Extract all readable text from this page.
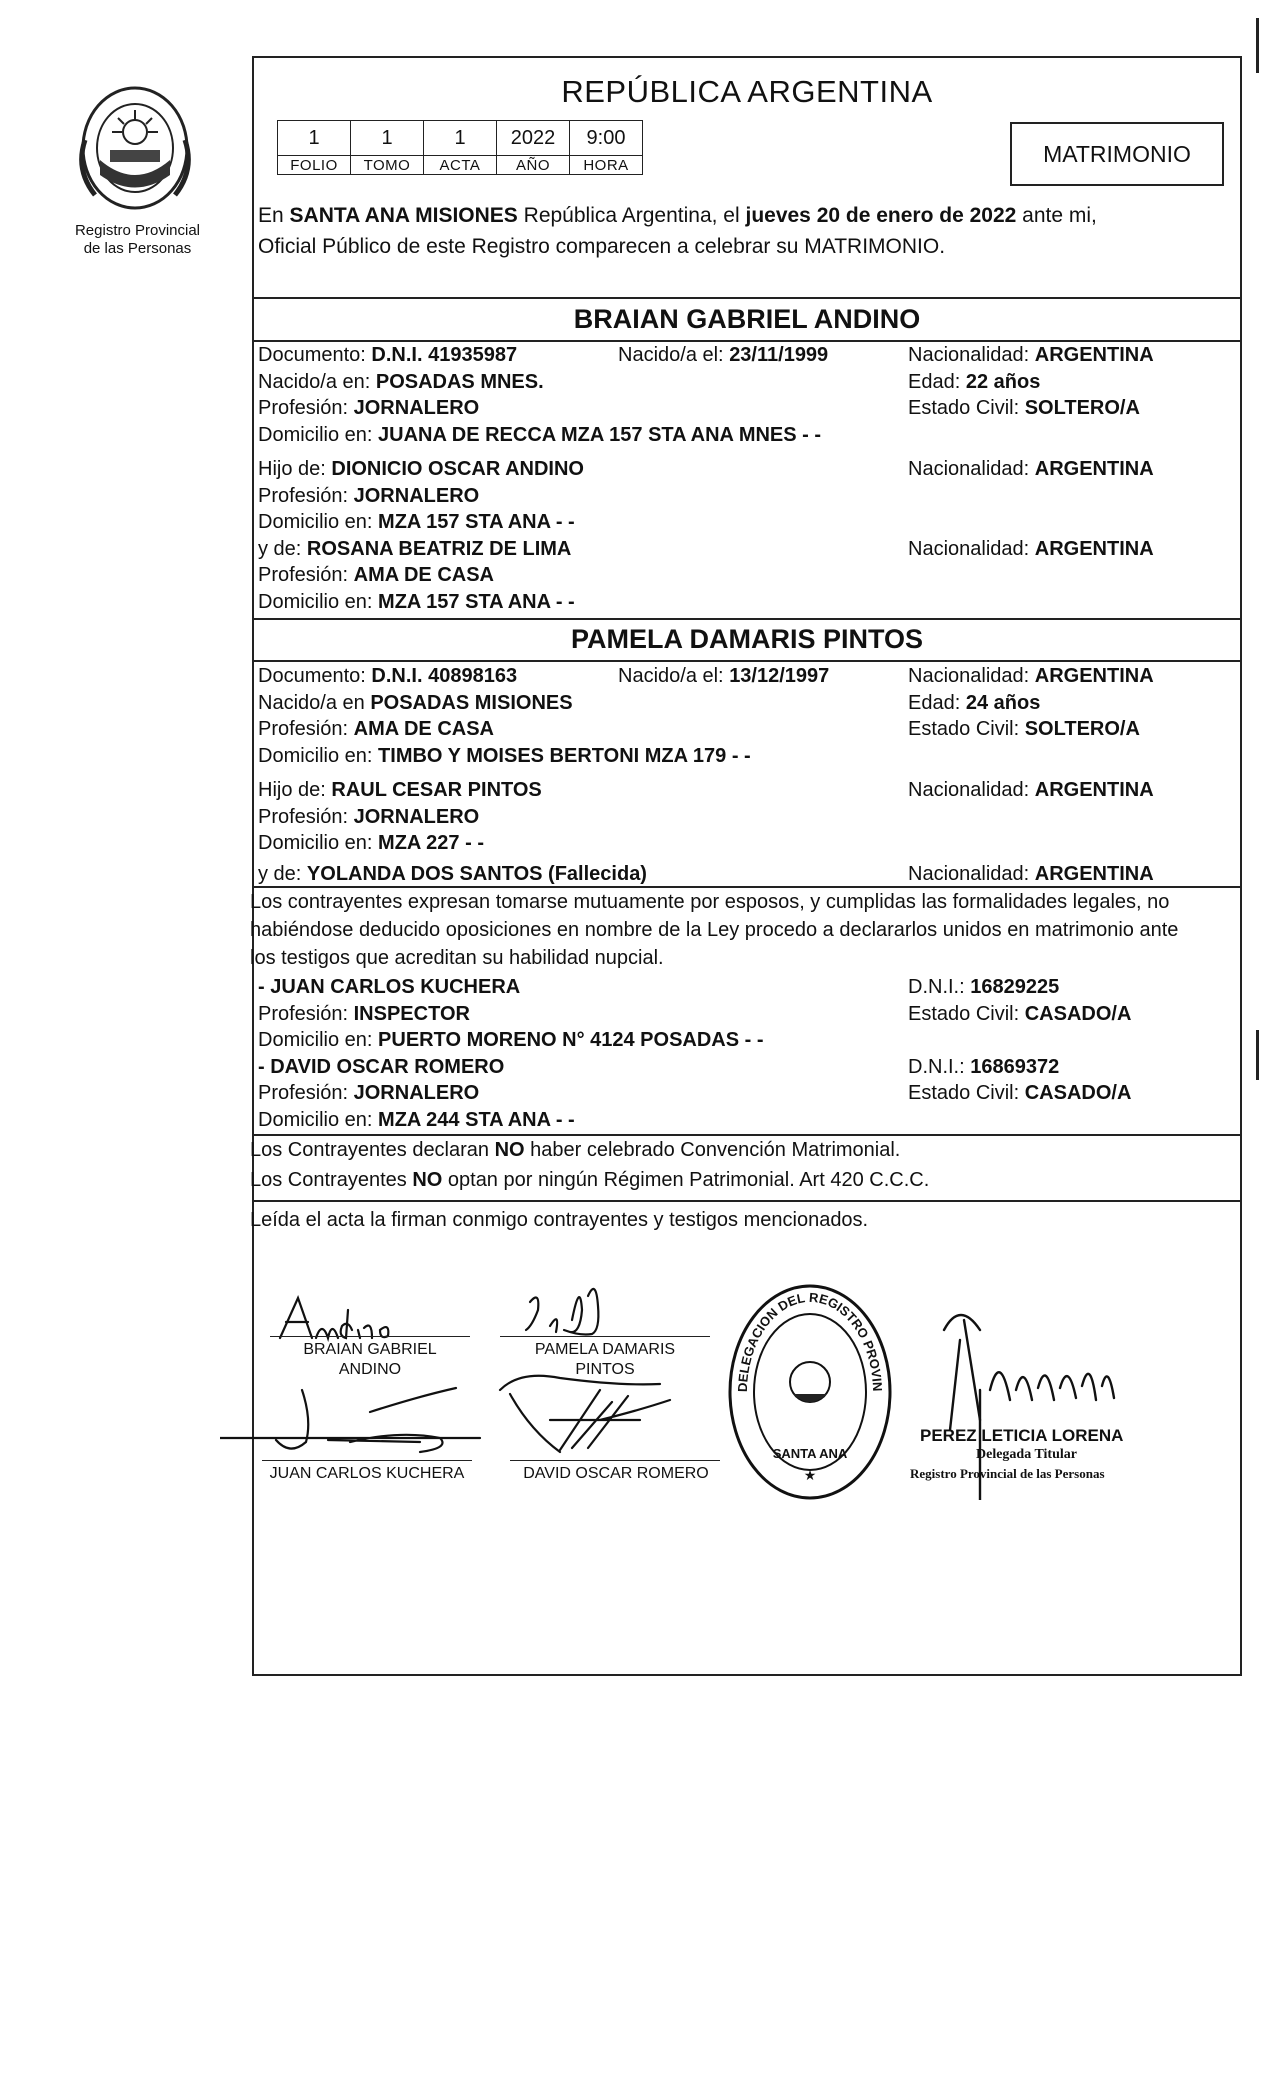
Registro Provincial
de las Personas
REPÚBLICA ARGENTINA
1	1	1	2022	9:00
FOLIO	TOMO	ACTA	AÑO	HORA	MATRIMONIO
En SANTA ANA MISIONES República Argentina, el jueves 20 de enero de 2022 ante mi,
Oficial Público de este Registro comparecen a celebrar su MATRIMONIO.
BRAIAN GABRIEL ANDINO
Documento: D.N.I. 41935987	Nacido/a el: 23/11/1999	Nacionalidad: ARGENTINA
Nacido/a en: POSADAS MNES.	Edad: 22 años
Profesión: JORNALERO	Estado Civil: SOLTERO/A
Domicilio en: JUANA DE RECCA MZA 157 STA ANA MNES - -
Hijo de: DIONICIO OSCAR ANDINO	Nacionalidad: ARGENTINA
Profesión: JORNALERO
Domicilio en: MZA 157 STA ANA - -
y de: ROSANA BEATRIZ DE LIMA	Nacionalidad: ARGENTINA
Profesión: AMA DE CASA
Domicilio en: MZA 157 STA ANA - -
PAMELA DAMARIS PINTOS
Documento: D.N.I. 40898163	Nacido/a el: 13/12/1997	Nacionalidad: ARGENTINA
Nacido/a en POSADAS MISIONES	Edad: 24 años
Profesión: AMA DE CASA	Estado Civil: SOLTERO/A
Domicilio en: TIMBO Y MOISES BERTONI MZA 179 - -
Hijo de: RAUL CESAR PINTOS	Nacionalidad: ARGENTINA
Profesión: JORNALERO
Domicilio en: MZA 227 - -
y de: YOLANDA DOS SANTOS (Fallecida)	Nacionalidad: ARGENTINA
Los contrayentes expresan tomarse mutuamente por esposos, y cumplidas las formalidades legales, no
habiéndose deducido oposiciones en nombre de la Ley procedo a declararlos unidos en matrimonio ante
los testigos que acreditan su habilidad nupcial.
- JUAN CARLOS KUCHERA	D.N.I.: 16829225
Profesión: INSPECTOR	Estado Civil: CASADO/A
Domicilio en: PUERTO MORENO N° 4124 POSADAS - -
- DAVID OSCAR ROMERO	D.N.I.: 16869372
Profesión: JORNALERO	Estado Civil: CASADO/A
Domicilio en: MZA 244 STA ANA - -
Los Contrayentes declaran NO haber celebrado Convención Matrimonial.
Los Contrayentes NO optan por ningún Régimen Patrimonial. Art 420 C.C.C.
Leída el acta la firman conmigo contrayentes y testigos mencionados.
BRAIAN GABRIEL
ANDINO
PAMELA DAMARIS
PINTOS
JUAN CARLOS KUCHERA	DAVID OSCAR ROMERO
DELEGACION DEL REGISTRO PROVIN
SANTA ANA
★
PEREZ LETICIA LORENA
Delegada Titular
Registro Provincial de las Personas
